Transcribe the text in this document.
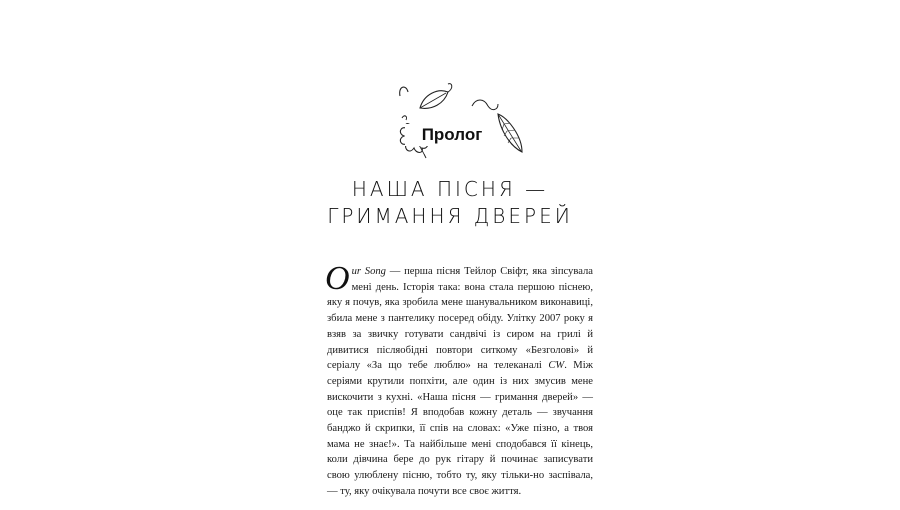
Пролог
НАША ПІСНЯ —
ГРИМАННЯ ДВЕРЕЙ
Our Song — перша пісня Тейлор Свіфт, яка зіпсувала мені день. Історія така: вона стала першою піснею, яку я почув, яка зробила мене шанувальником виконавиці, збила мене з пантелику посеред обіду. Улітку 2007 року я взяв за звичку готувати сандвічі із сиром на грилі й дивитися післяобідні повтори ситкому «Безголові» й серіалу «За що тебе люблю» на телеканалі CW. Між серіями крутили попхіти, але один із них змусив мене вискочити з кухні. «Наша пісня — гримання дверей» — оце так приспів! Я вподобав кожну деталь — звучання банджо й скрипки, її спів на словах: «Уже пізно, а твоя мама не знає!». Та найбільше мені сподобався її кінець, коли дівчина бере до рук гітару й починає записувати свою улюблену пісню, тобто ту, яку тільки-но заспівала, — ту, яку очікувала почути все своє життя.
